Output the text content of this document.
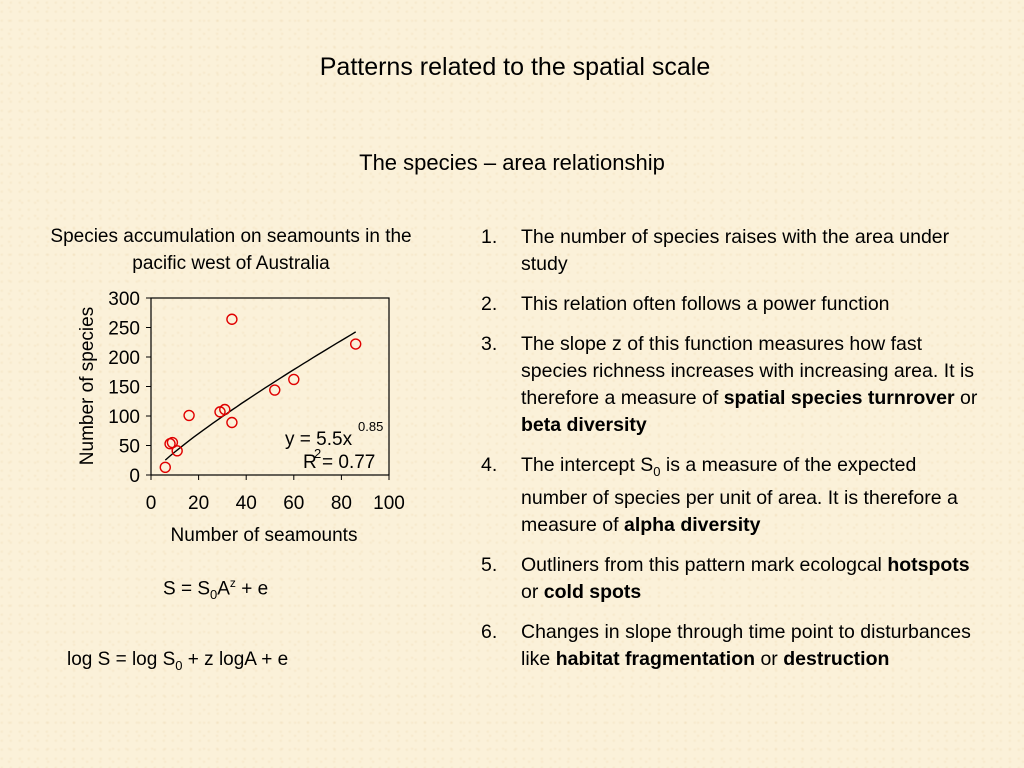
Patterns related to the spatial scale
The species – area relationship
Species accumulation on seamounts in the pacific west of Australia
0 20 40 60 80 100
0
50
100
150
200
250
300
Number of seamounts
Number of species	y = 5.5x
0.85
R
2 = 0.77
$S = S_0A^z + e$
$\log S = \log S_0 + z$ logA + e
1. The number of species raises with the area under study
2. This relation often follows a power function
3. The slope z of this function measures how fast species richness increases with increasing area. It is therefore a measure of spatial species turnrover or beta diversity
4. The intercept $S_0$ is a measure of the expected number of species per unit of area. It is therefore a measure of alpha diversity
5. Outliners from this pattern mark ecologcal hotspots or cold spots
6. Changes in slope through time point to disturbances like habitat fragmentation or destruction
